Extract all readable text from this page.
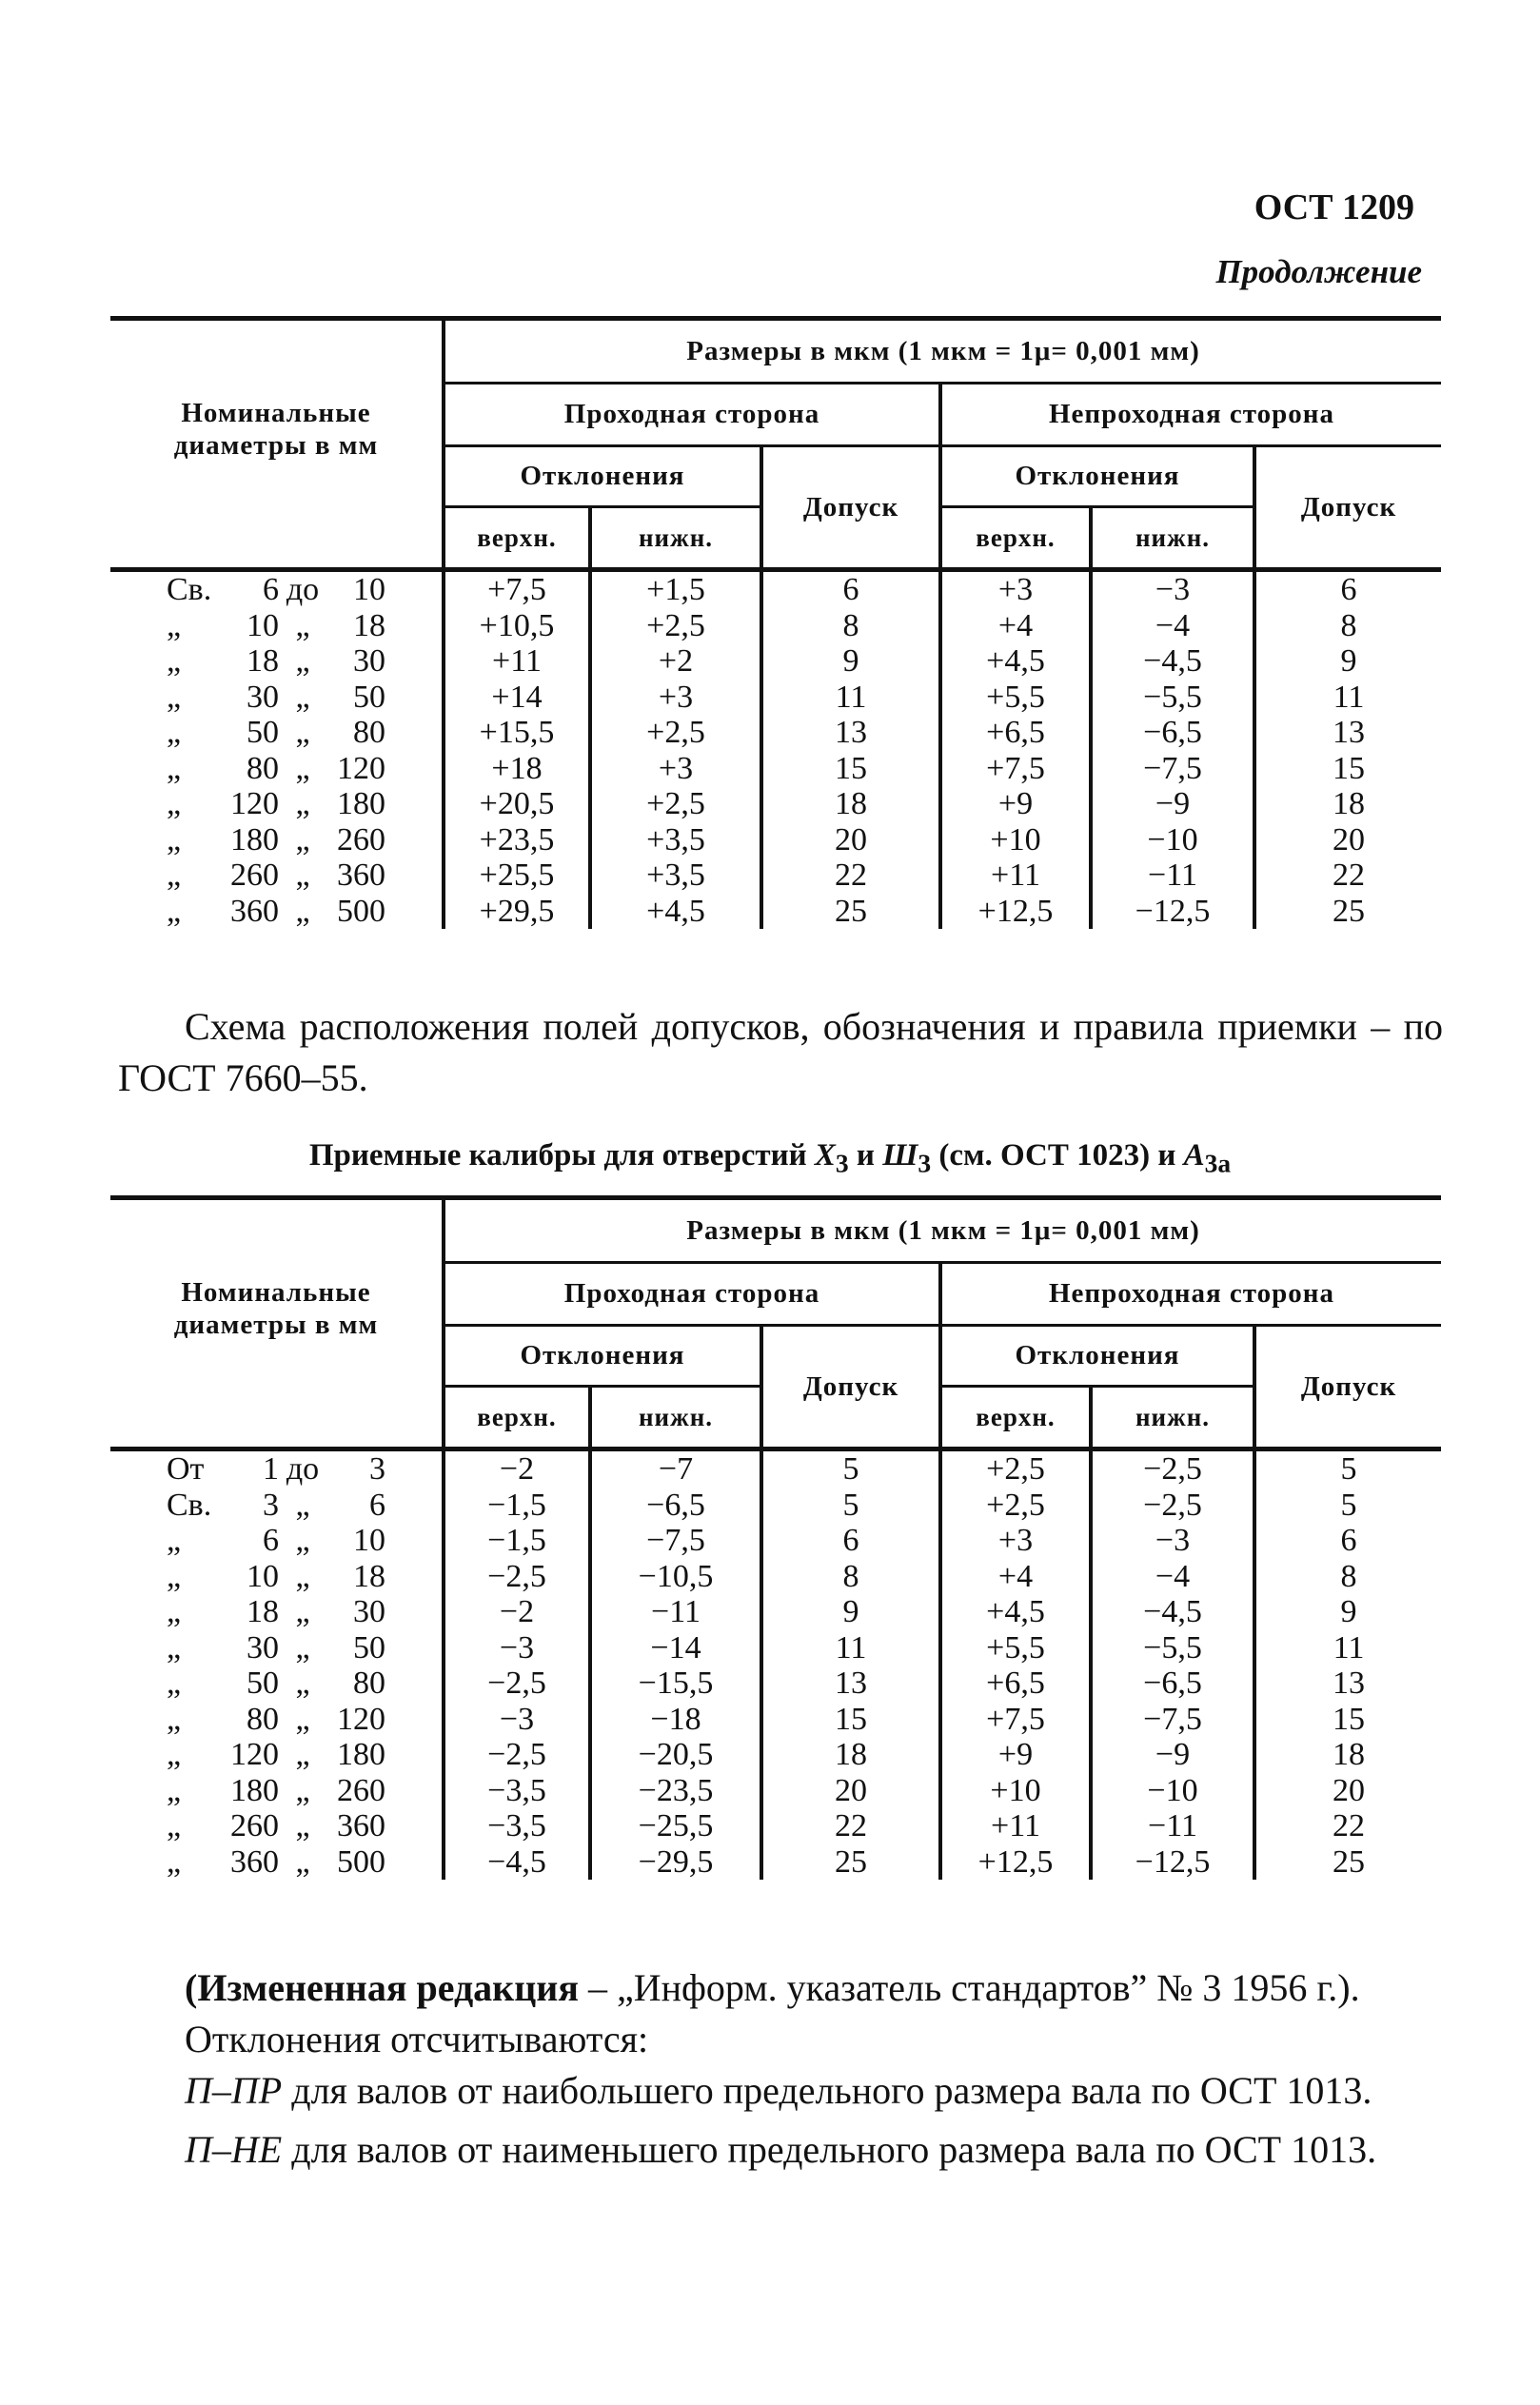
ОСТ 1209
Продолжение
Номинальные диаметры в мм	Размеры в мкм (1 мкм = 1μ= 0,001 мм)					
	Проходная сторона			Непроходная сторона		
	Отклонения		Допуск	Отклонения		Допуск
	верхн.	нижн.		верхн.	нижн.	
Св. 6 до 10	+7,5	+1,5	6	+3	−3	6
„ 10 „ 18	+10,5	+2,5	8	+4	−4	8
„ 18 „ 30	+11	+2	9	+4,5	−4,5	9
„ 30 „ 50	+14	+3	11	+5,5	−5,5	11
„ 50 „ 80	+15,5	+2,5	13	+6,5	−6,5	13
„ 80 „ 120	+18	+3	15	+7,5	−7,5	15
„ 120 „ 180	+20,5	+2,5	18	+9	−9	18
„ 180 „ 260	+23,5	+3,5	20	+10	−10	20
„ 260 „ 360	+25,5	+3,5	22	+11	−11	22
„ 360 „ 500	+29,5	+4,5	25	+12,5	−12,5	25
Схема расположения полей допусков, обозначения и правила приемки – по ГОСТ 7660–55.
Приемные калибры для отверстий $X_3$ и $Ш_3$ (см. ОСТ 1023) и $A_{3а}$
Номинальные диаметры в мм	Размеры в мкм (1 мкм = 1μ= 0,001 мм)					
	Проходная сторона			Непроходная сторона		
	Отклонения		Допуск	Отклонения		Допуск
	верхн.	нижн.		верхн.	нижн.	
От 1 до 3	−2	−7	5	+2,5	−2,5	5
Св. 3 „ 6	−1,5	−6,5	5	+2,5	−2,5	5
„ 6 „ 10	−1,5	−7,5	6	+3	−3	6
„ 10 „ 18	−2,5	−10,5	8	+4	−4	8
„ 18 „ 30	−2	−11	9	+4,5	−4,5	9
„ 30 „ 50	−3	−14	11	+5,5	−5,5	11
„ 50 „ 80	−2,5	−15,5	13	+6,5	−6,5	13
„ 80 „ 120	−3	−18	15	+7,5	−7,5	15
„ 120 „ 180	−2,5	−20,5	18	+9	−9	18
„ 180 „ 260	−3,5	−23,5	20	+10	−10	20
„ 260 „ 360	−3,5	−25,5	22	+11	−11	22
„ 360 „ 500	−4,5	−29,5	25	+12,5	−12,5	25
(Измененная редакция – „Информ. указатель стандартов” № 3 1956 г.).
Отклонения отсчитываются:
П–ПР для валов от наибольшего предельного размера вала по ОСТ 1013.
П–НЕ для валов от наименьшего предельного размера вала по ОСТ 1013.
